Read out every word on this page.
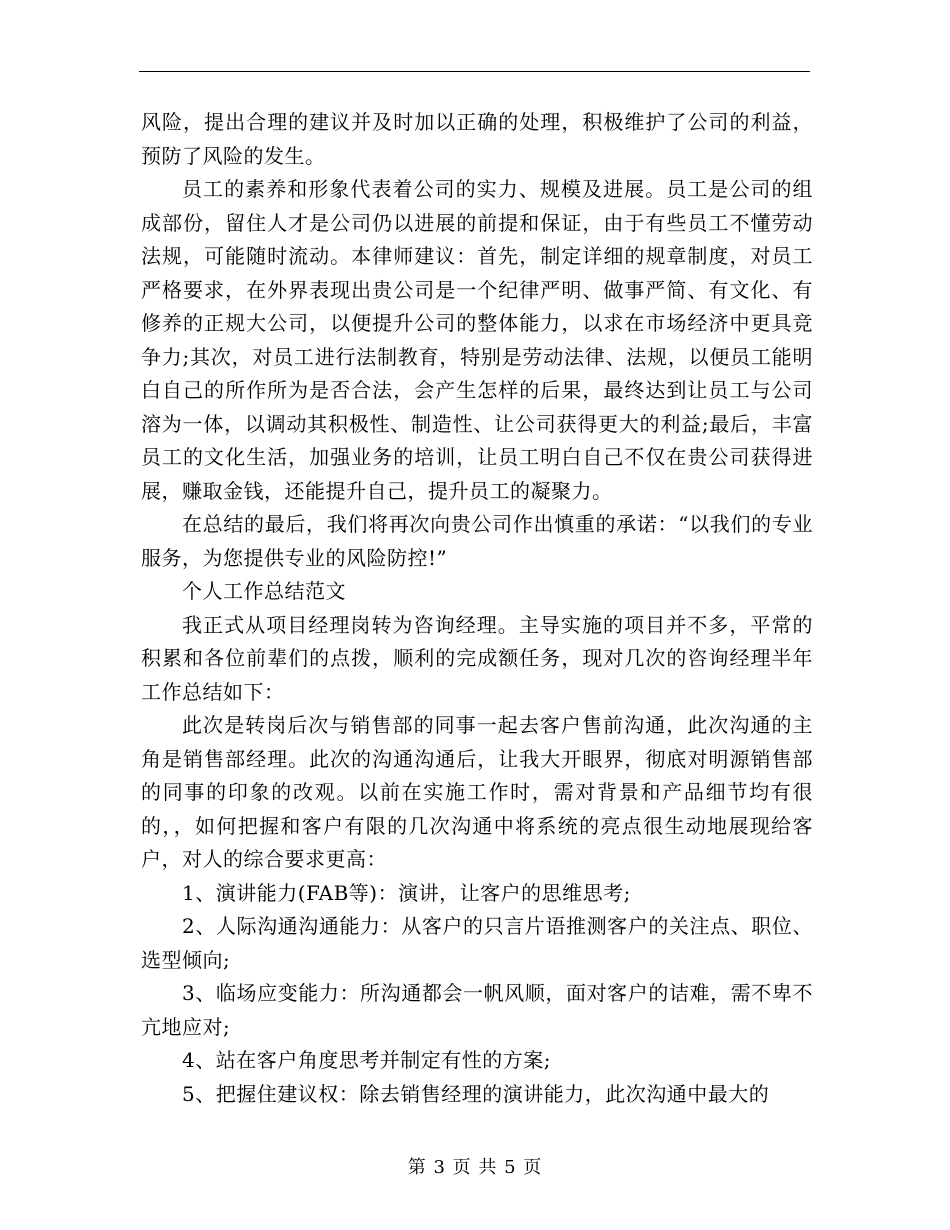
风险，提出合理的建议并及时加以正确的处理，积极维护了公司的利益，预防了风险的发生。

员工的素养和形象代表着公司的实力、规模及进展。员工是公司的组成部份，留住人才是公司仍以进展的前提和保证，由于有些员工不懂劳动法规，可能随时流动。本律师建议：首先，制定详细的规章制度，对员工严格要求，在外界表现出贵公司是一个纪律严明、做事严简、有文化、有修养的正规大公司，以便提升公司的整体能力，以求在市场经济中更具竞争力;其次，对员工进行法制教育，特别是劳动法律、法规，以便员工能明白自己的所作所为是否合法，会产生怎样的后果，最终达到让员工与公司溶为一体，以调动其积极性、制造性、让公司获得更大的利益;最后，丰富员工的文化生活，加强业务的培训，让员工明白自己不仅在贵公司获得进展，赚取金钱，还能提升自己，提升员工的凝聚力。

在总结的最后，我们将再次向贵公司作出慎重的承诺：“以我们的专业服务，为您提供专业的风险防控!”

个人工作总结范文

我正式从项目经理岗转为咨询经理。主导实施的项目并不多，平常的积累和各位前辈们的点拨，顺利的完成额任务，现对几次的咨询经理半年工作总结如下：

此次是转岗后次与销售部的同事一起去客户售前沟通，此次沟通的主角是销售部经理。此次的沟通沟通后，让我大开眼界，彻底对明源销售部的同事的印象的改观。以前在实施工作时，需对背景和产品细节均有很的，，如何把握和客户有限的几次沟通中将系统的亮点很生动地展现给客户，对人的综合要求更高：

1、演讲能力(FAB等)：演讲，让客户的思维思考;

2、人际沟通沟通能力：从客户的只言片语推测客户的关注点、职位、选型倾向;

3、临场应变能力：所沟通都会一帆风顺，面对客户的诘难，需不卑不亢地应对;

4、站在客户角度思考并制定有性的方案;

5、把握住建议权：除去销售经理的演讲能力，此次沟通中最大的

第 3 页 共 5 页
